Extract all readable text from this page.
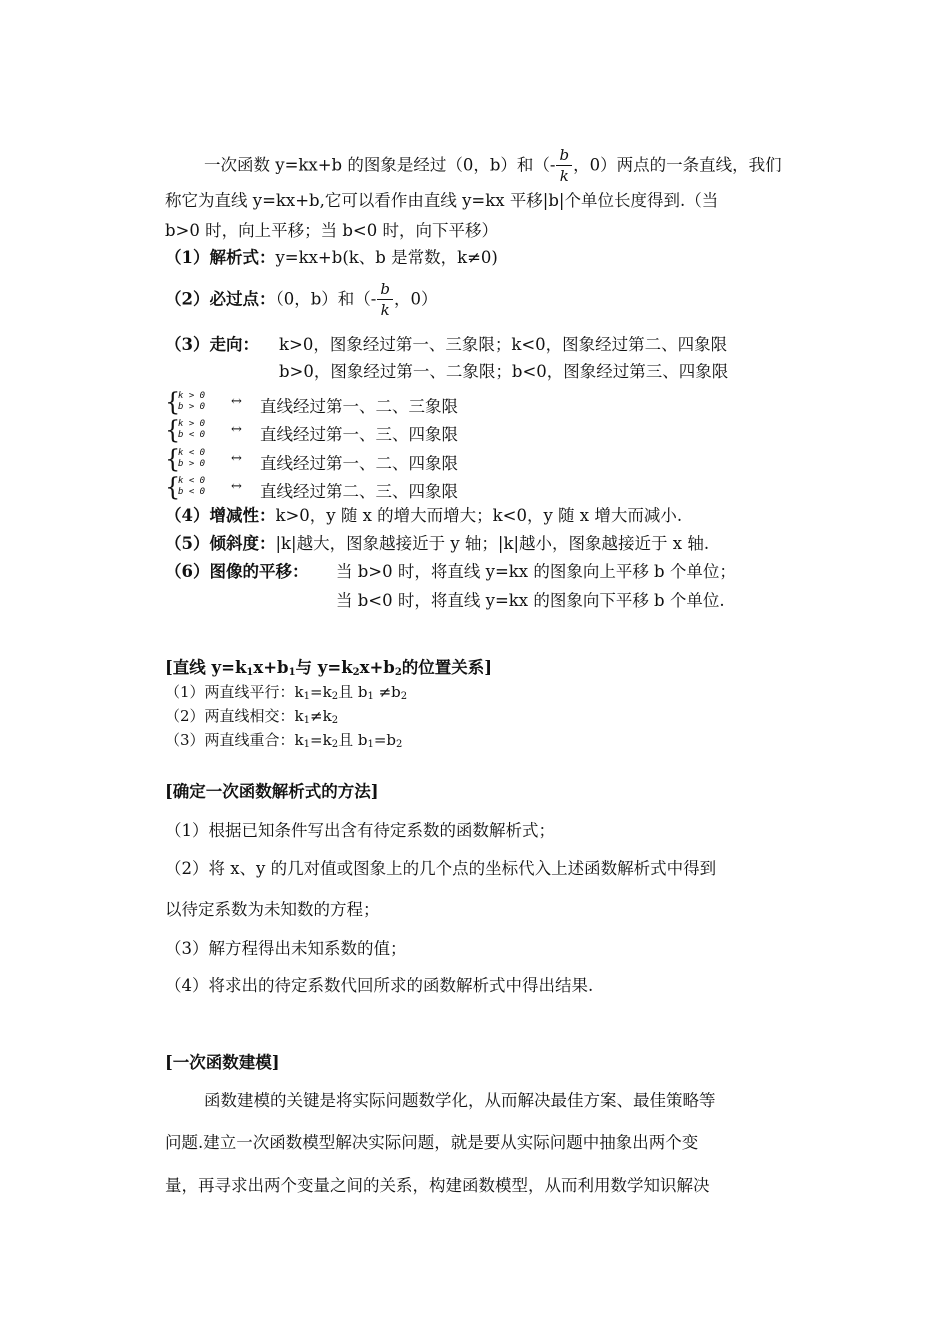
一次函数 y=kx+b 的图象是经过（0，b）和（- $\frac{b}{k}$ ，0）两点的一条直线，我们
称它为直线 y=kx+b,它可以看作由直线 y=kx 平移|b|个单位长度得到.（当
b>0 时，向上平移；当 b<0 时，向下平移）
（1）解析式：y=kx+b(k、b 是常数，k≠0)
（2）必过点：（0，b）和（- $\frac{b}{k}$ ，0）
（3）走向： k>0，图象经过第一、三象限；k<0，图象经过第二、四象限
b>0，图象经过第一、二象限；b<0，图象经过第三、四象限
{
k > 0
b > 0 ↔ 直线经过第一、二、三象限
{
k > 0
b < 0 ↔ 直线经过第一、三、四象限
{
k < 0
b > 0 ↔ 直线经过第一、二、四象限
{
k < 0
b < 0 ↔ 直线经过第二、三、四象限
（4）增减性：k>0，y 随 x 的增大而增大；k<0，y 随 x 增大而减小.
（5）倾斜度：|k|越大，图象越接近于 y 轴；|k|越小，图象越接近于 x 轴.
（6）图像的平移： 当 b>0 时，将直线 y=kx 的图象向上平移 b 个单位；
当 b<0 时，将直线 y=kx 的图象向下平移 b 个单位.
[直线 $y=k_1x+b_1$与 $y=k_2x+b_2$的位置关系]
（1）两直线平行：$k_1=k_2$且 $b_1 \ne b_2$
（2）两直线相交：$k_1\ne k_2$
（3）两直线重合：$k_1=k_2$且 $b_1=b_2$
[确定一次函数解析式的方法]
（1）根据已知条件写出含有待定系数的函数解析式；
（2）将 x、y 的几对值或图象上的几个点的坐标代入上述函数解析式中得到
以待定系数为未知数的方程；
（3）解方程得出未知系数的值；
（4）将求出的待定系数代回所求的函数解析式中得出结果.
[一次函数建模]
函数建模的关键是将实际问题数学化，从而解决最佳方案、最佳策略等
问题.建立一次函数模型解决实际问题，就是要从实际问题中抽象出两个变
量，再寻求出两个变量之间的关系，构建函数模型，从而利用数学知识解决
